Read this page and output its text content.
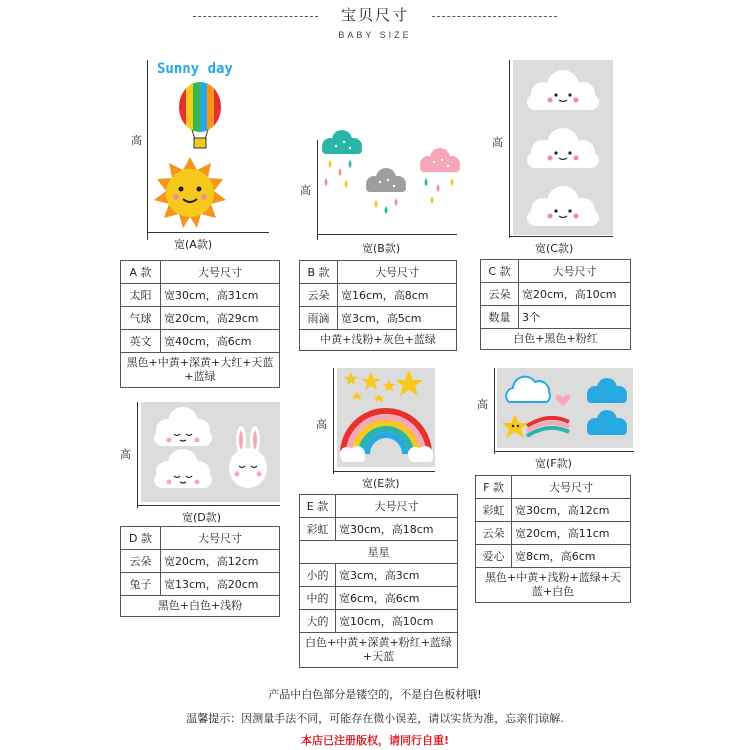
宝贝尺寸
BABY SIZE
高
Sunny day
宽(A款)
A 款	大号尺寸
太阳	宽30cm，高31cm
气球	宽20cm，高29cm
英文	宽40cm，高6cm
黑色+中黄+深黄+大红+天蓝+蓝绿	
高
宽(B款)
B 款	大号尺寸
云朵	宽16cm，高8cm
雨滴	宽3cm，高5cm
中黄+浅粉+灰色+蓝绿	
高
宽(C款)
C 款	大号尺寸
云朵	宽20cm，高10cm
数量	3个
白色+黑色+粉红	
高
宽(D款)
D 款	大号尺寸
云朵	宽20cm，高12cm
兔子	宽13cm，高20cm
黑色+白色+浅粉	
高
宽(E款)
E 款	大号尺寸
彩虹	宽30cm，高18cm
星星	
小的	宽3cm，高3cm
中的	宽6cm，高6cm
大的	宽10cm，高10cm
白色+中黄+深黄+粉红+蓝绿+天蓝	
高
宽(F款)
F 款	大号尺寸
彩虹	宽30cm，高12cm
云朵	宽20cm，高11cm
爱心	宽8cm，高6cm
黑色+中黄+浅粉+蓝绿+天蓝+白色	
产品中白色部分是镂空的，不是白色板材哦!
温馨提示：因测量手法不同，可能存在微小误差，请以实货为准，忘亲们谅解.
本店已注册版权，请同行自重!
